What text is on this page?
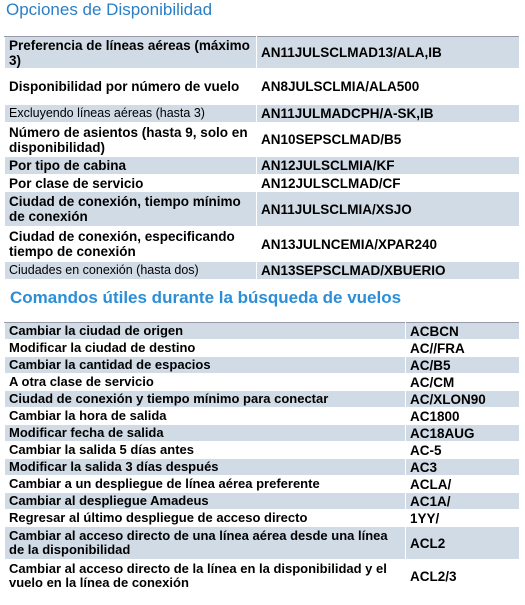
Opciones de Disponibilidad
Preferencia de líneas aéreas (máximo 3)	AN11JULSCLMAD13/ALA,IB
Disponibilidad por número de vuelo	AN8JULSCLMIA/ALA500
Excluyendo líneas aéreas (hasta 3)	AN11JULMADCPH/A-SK,IB
Número de asientos (hasta 9, solo en disponibilidad)	AN10SEPSCLMAD/B5
Por tipo de cabina	AN12JULSCLMIA/KF
Por clase de servicio	AN12JULSCLMAD/CF
Ciudad de conexión, tiempo mínimo de conexión	AN11JULSCLMIA/XSJO
Ciudad de conexión, especificando tiempo de conexión	AN13JULNCEMIA/XPAR240
Ciudades en conexión (hasta dos)	AN13SEPSCLMAD/XBUERIO
Comandos útiles durante la búsqueda de vuelos
Cambiar la ciudad de origen	ACBCN
Modificar la ciudad de destino	AC//FRA
Cambiar la cantidad de espacios	AC/B5
A otra clase de servicio	AC/CM
Ciudad de conexión y tiempo mínimo para conectar	AC/XLON90
Cambiar la hora de salida	AC1800
Modificar fecha de salida	AC18AUG
Cambiar la salida 5 días antes	AC-5
Modificar la salida 3 días después	AC3
Cambiar a un despliegue de línea aérea preferente	ACLA/
Cambiar al despliegue Amadeus	AC1A/
Regresar al último despliegue de acceso directo	1YY/
Cambiar al acceso directo de una línea aérea desde una línea de la disponibilidad	ACL2
Cambiar al acceso directo de la línea en la disponibilidad y el vuelo en la línea de conexión	ACL2/3
